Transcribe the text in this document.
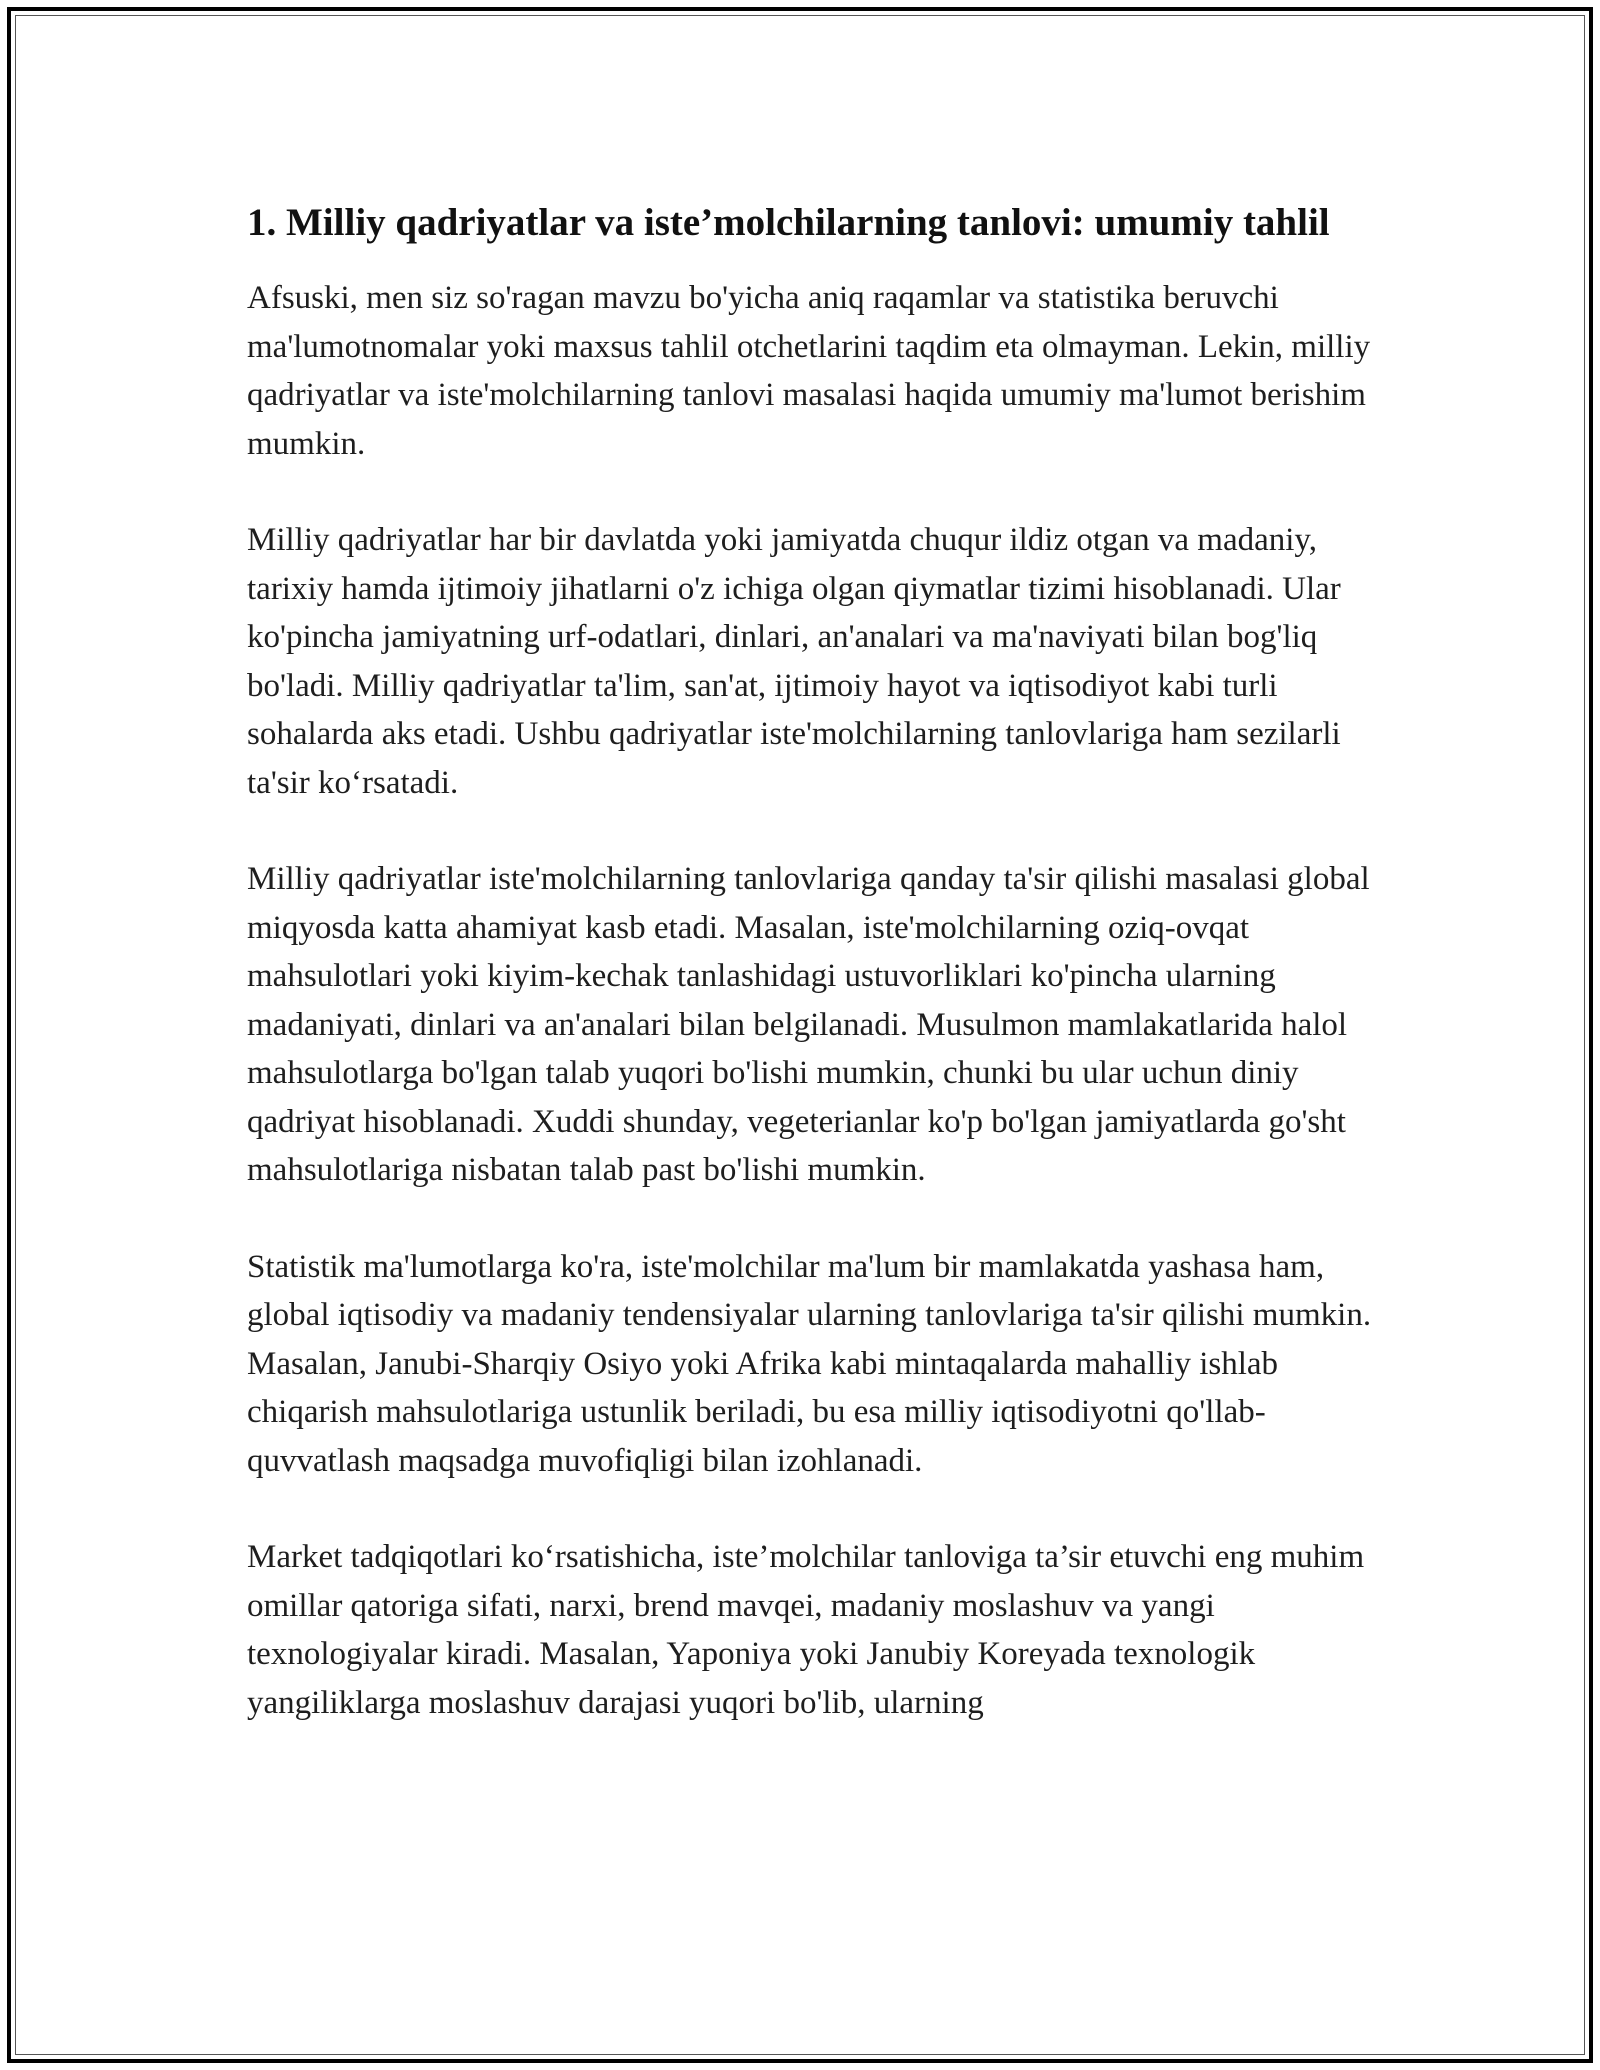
1. Milliy qadriyatlar va iste’molchilarning tanlovi: umumiy tahlil

Afsuski, men siz so'ragan mavzu bo'yicha aniq raqamlar va statistika beruvchi ma'lumotnomalar yoki maxsus tahlil otchetlarini taqdim eta olmayman. Lekin, milliy qadriyatlar va iste'molchilarning tanlovi masalasi haqida umumiy ma'lumot berishim mumkin.

Milliy qadriyatlar har bir davlatda yoki jamiyatda chuqur ildiz otgan va madaniy, tarixiy hamda ijtimoiy jihatlarni o'z ichiga olgan qiymatlar tizimi hisoblanadi. Ular ko'pincha jamiyatning urf-odatlari, dinlari, an'analari va ma'naviyati bilan bog'liq bo'ladi. Milliy qadriyatlar ta'lim, san'at, ijtimoiy hayot va iqtisodiyot kabi turli sohalarda aks etadi. Ushbu qadriyatlar iste'molchilarning tanlovlariga ham sezilarli ta'sir ko‘rsatadi.

Milliy qadriyatlar iste'molchilarning tanlovlariga qanday ta'sir qilishi masalasi global miqyosda katta ahamiyat kasb etadi. Masalan, iste'molchilarning oziq-ovqat mahsulotlari yoki kiyim-kechak tanlashidagi ustuvorliklari ko'pincha ularning madaniyati, dinlari va an'analari bilan belgilanadi. Musulmon mamlakatlarida halol mahsulotlarga bo'lgan talab yuqori bo'lishi mumkin, chunki bu ular uchun diniy qadriyat hisoblanadi. Xuddi shunday, vegeterianlar ko'p bo'lgan jamiyatlarda go'sht mahsulotlariga nisbatan talab past bo'lishi mumkin.

Statistik ma'lumotlarga ko'ra, iste'molchilar ma'lum bir mamlakatda yashasa ham, global iqtisodiy va madaniy tendensiyalar ularning tanlovlariga ta'sir qilishi mumkin. Masalan, Janubi-Sharqiy Osiyo yoki Afrika kabi mintaqalarda mahalliy ishlab chiqarish mahsulotlariga ustunlik beriladi, bu esa milliy iqtisodiyotni qo'llab-quvvatlash maqsadga muvofiqligi bilan izohlanadi.

Market tadqiqotlari ko‘rsatishicha, iste’molchilar tanloviga ta’sir etuvchi eng muhim omillar qatoriga sifati, narxi, brend mavqei, madaniy moslashuv va yangi texnologiyalar kiradi. Masalan, Yaponiya yoki Janubiy Koreyada texnologik yangiliklarga moslashuv darajasi yuqori bo'lib, ularning
